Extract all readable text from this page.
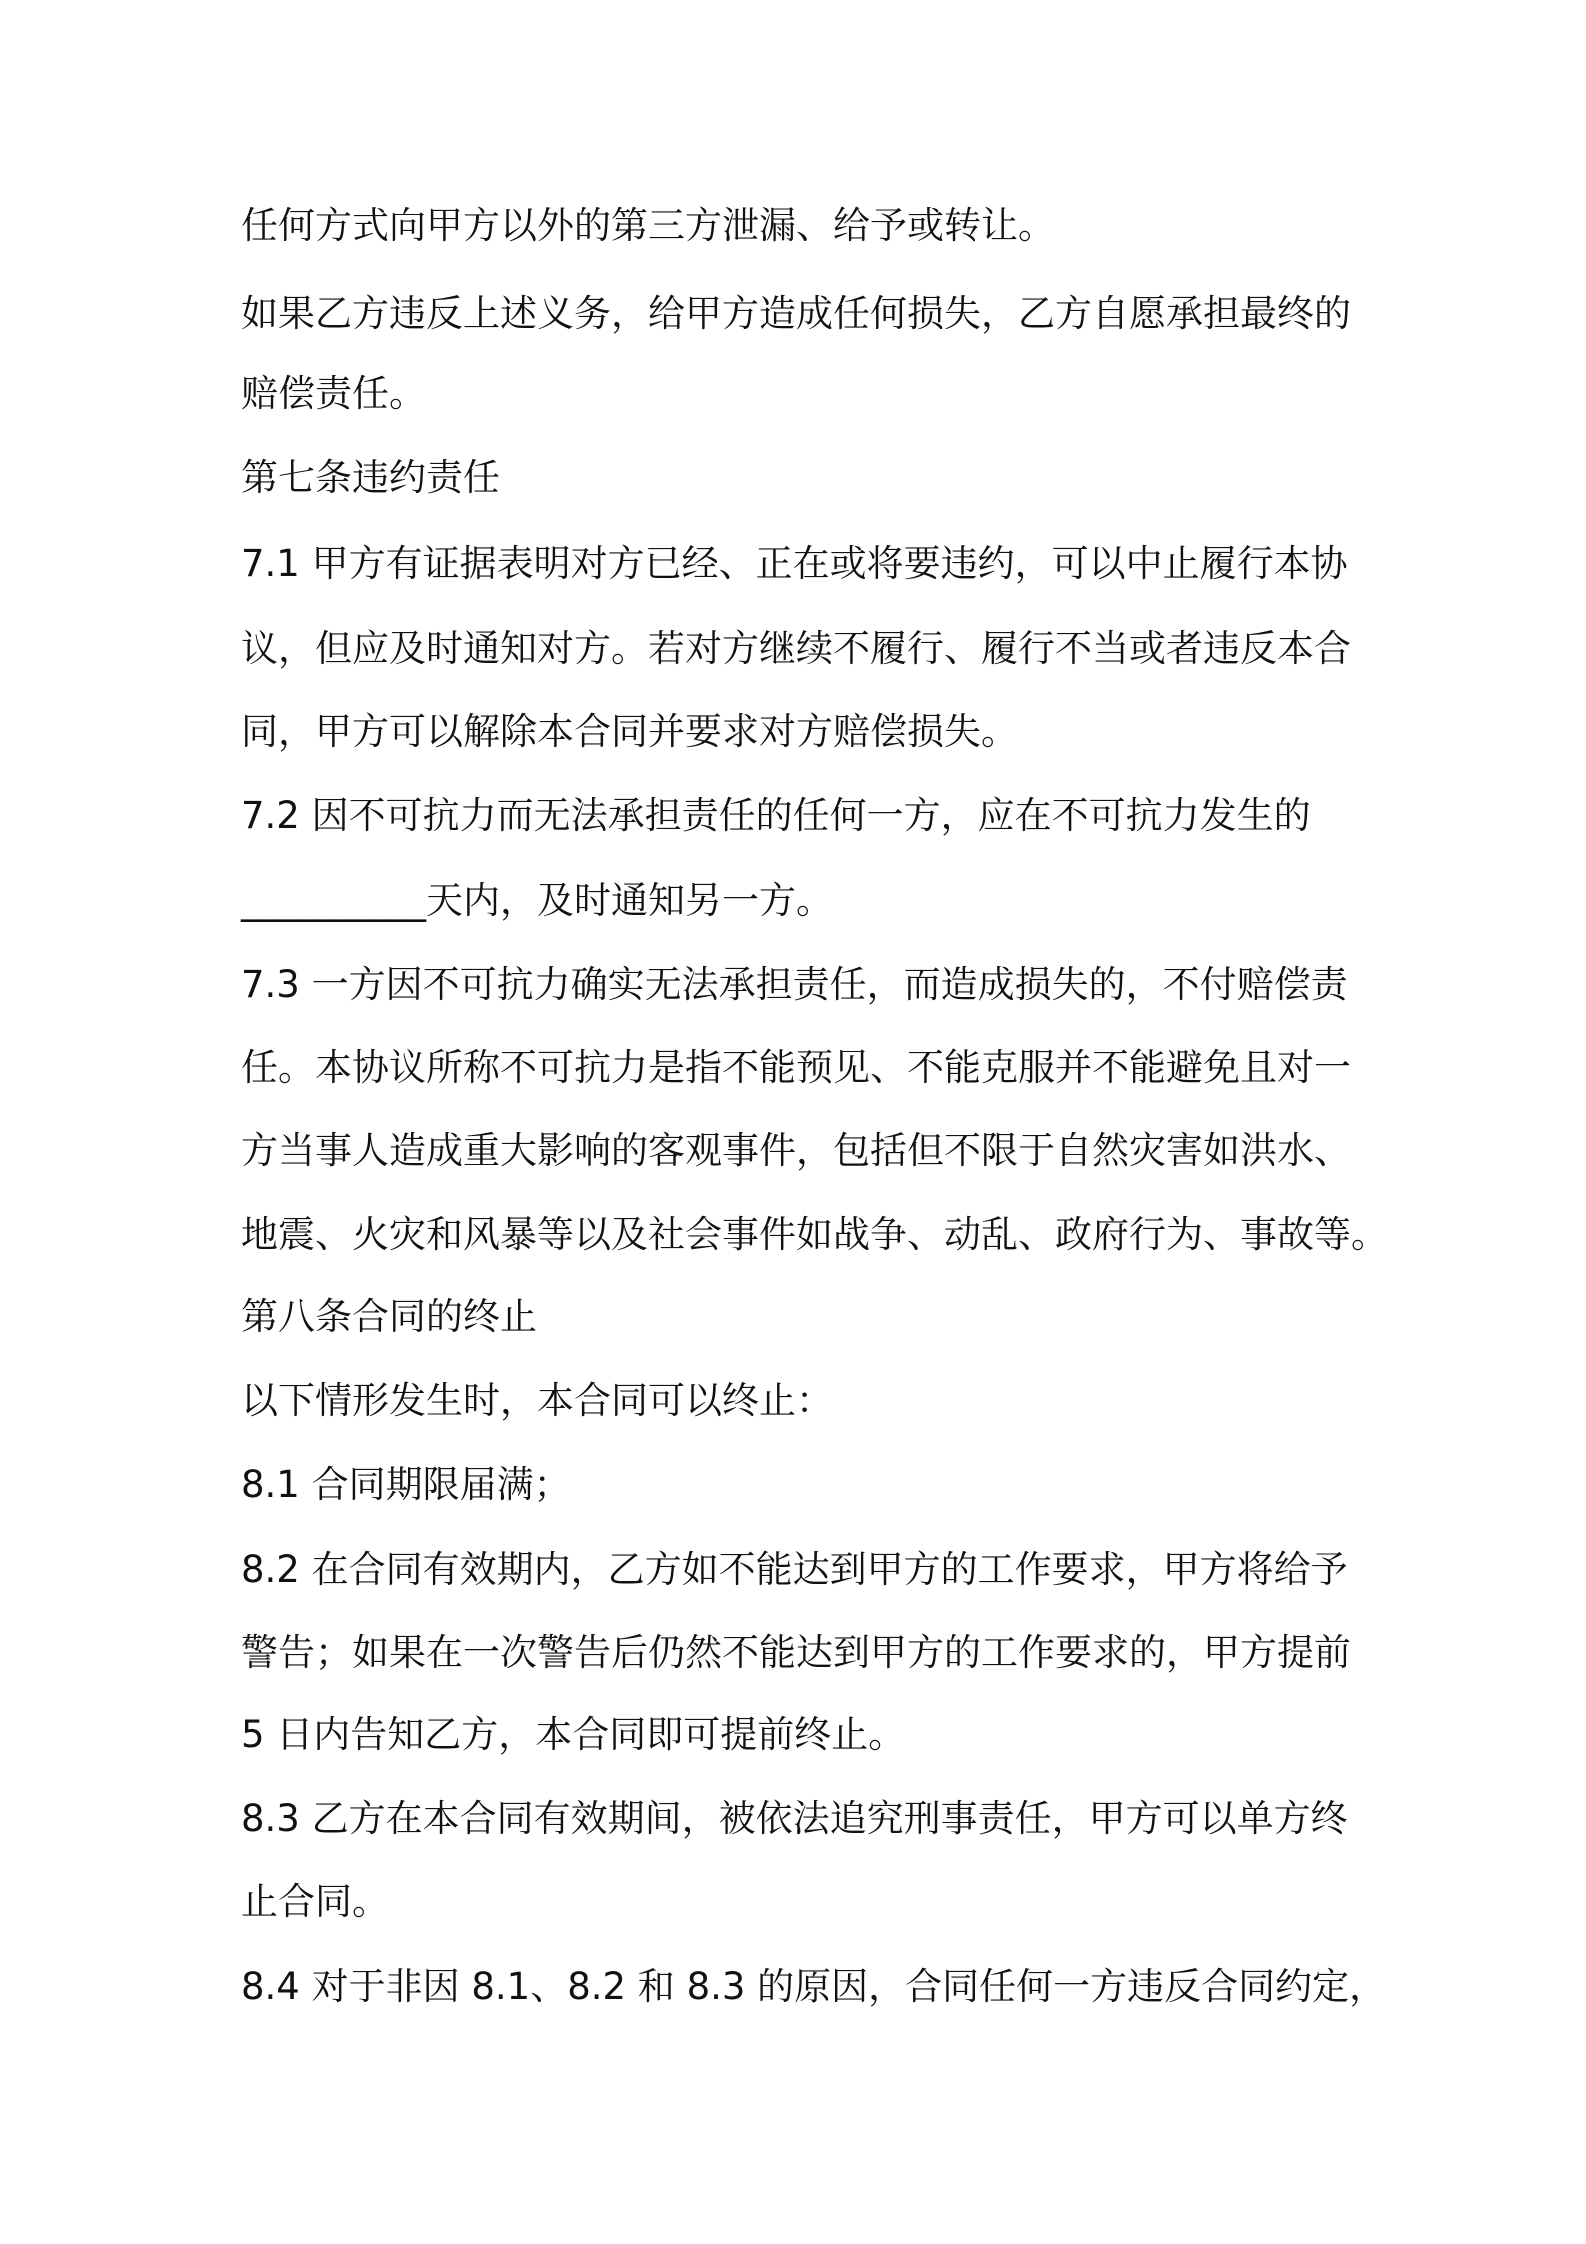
任何方式向甲方以外的第三方泄漏、给予或转让。

如果乙方违反上述义务，给甲方造成任何损失，乙方自愿承担最终的

赔偿责任。

第七条违约责任

7.1 甲方有证据表明对方已经、正在或将要违约，可以中止履行本协

议，但应及时通知对方。若对方继续不履行、履行不当或者违反本合

同，甲方可以解除本合同并要求对方赔偿损失。

7.2 因不可抗力而无法承担责任的任何一方，应在不可抗力发生的

__________天内，及时通知另一方。

7.3 一方因不可抗力确实无法承担责任，而造成损失的，不付赔偿责

任。本协议所称不可抗力是指不能预见、不能克服并不能避免且对一

方当事人造成重大影响的客观事件，包括但不限于自然灾害如洪水、

地震、火灾和风暴等以及社会事件如战争、动乱、政府行为、事故等。

第八条合同的终止

以下情形发生时，本合同可以终止：

8.1 合同期限届满；

8.2 在合同有效期内，乙方如不能达到甲方的工作要求，甲方将给予

警告；如果在一次警告后仍然不能达到甲方的工作要求的，甲方提前

5 日内告知乙方，本合同即可提前终止。

8.3 乙方在本合同有效期间，被依法追究刑事责任，甲方可以单方终

止合同。

8.4 对于非因 8.1、8.2 和 8.3 的原因，合同任何一方违反合同约定，
